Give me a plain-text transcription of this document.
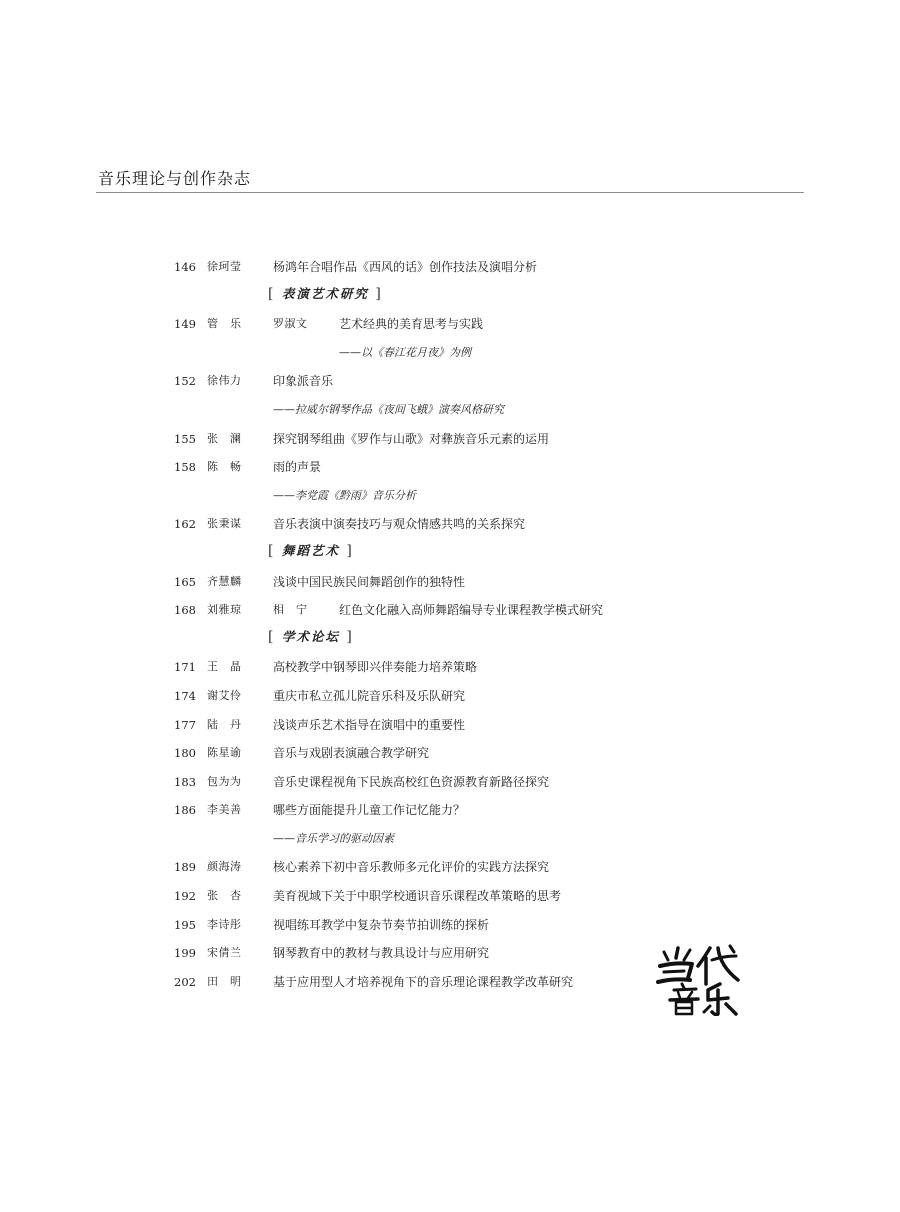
音乐理论与创作杂志
146 徐珂莹	杨鸿年合唱作品《西风的话》创作技法及演唱分析
[ 表演艺术研究 ]
149 管　乐	罗淑文	艺术经典的美育思考与实践
——以《春江花月夜》为例
152 徐伟力	印象派音乐
——拉威尔钢琴作品《夜间飞蛾》演奏风格研究
155 张　澜	探究钢琴组曲《罗作与山歌》对彝族音乐元素的运用
158 陈　畅	雨的声景
——李党霞《黔雨》音乐分析
162 张秉谋	音乐表演中演奏技巧与观众情感共鸣的关系探究
[ 舞蹈艺术 ]
165 齐慧麟	浅谈中国民族民间舞蹈创作的独特性
168 刘雅琼	相　宁	红色文化融入高师舞蹈编导专业课程教学模式研究
[ 学术论坛 ]
171 王　晶	高校教学中钢琴即兴伴奏能力培养策略
174 谢艾伶	重庆市私立孤儿院音乐科及乐队研究
177 陆　丹	浅谈声乐艺术指导在演唱中的重要性
180 陈星谕	音乐与戏剧表演融合教学研究
183 包为为	音乐史课程视角下民族高校红色资源教育新路径探究
186 李美善	哪些方面能提升儿童工作记忆能力？
——音乐学习的驱动因素
189 颜海涛	核心素养下初中音乐教师多元化评价的实践方法探究
192 张　杏	美育视域下关于中职学校通识音乐课程改革策略的思考
195 李诗彤	视唱练耳教学中复杂节奏节拍训练的探析
199 宋倩兰	钢琴教育中的教材与教具设计与应用研究
202 田　明	基于应用型人才培养视角下的音乐理论课程教学改革研究
